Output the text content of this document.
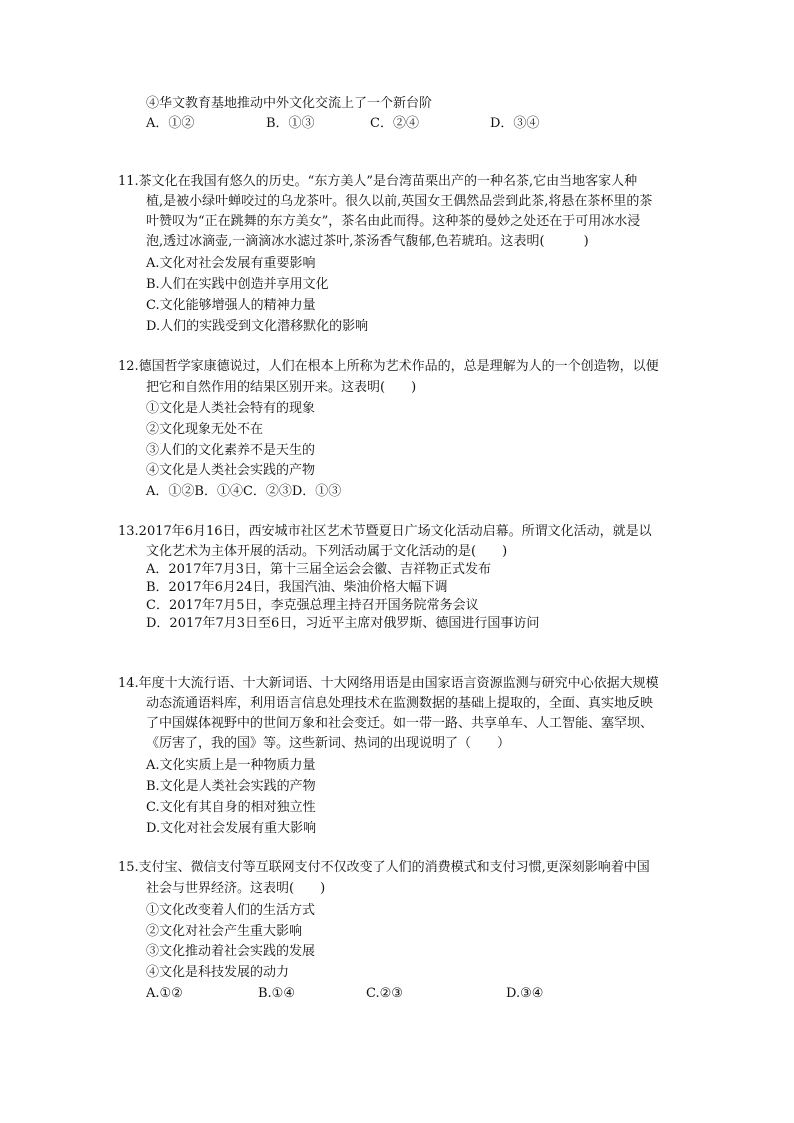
④华文教育基地推动中外文化交流上了一个新台阶
A．①②	B．①③	C．②④	D．③④
11.茶文化在我国有悠久的历史。“东方美人”是台湾苗栗出产的一种名茶,它由当地客家人种
植,是被小绿叶蝉咬过的乌龙茶叶。很久以前,英国女王偶然品尝到此茶,将悬在茶杯里的茶
叶赞叹为“正在跳舞的东方美女”，茶名由此而得。这种茶的曼妙之处还在于可用冰水浸
泡,透过冰滴壶,一滴滴冰水滤过茶叶,茶汤香气馥郁,色若琥珀。这表明(　　　)
A.文化对社会发展有重要影响
B.人们在实践中创造并享用文化
C.文化能够增强人的精神力量
D.人们的实践受到文化潜移默化的影响
12.德国哲学家康德说过，人们在根本上所称为艺术作品的，总是理解为人的一个创造物，以便
把它和自然作用的结果区别开来。这表明(　　)
①文化是人类社会特有的现象
②文化现象无处不在
③人们的文化素养不是天生的
④文化是人类社会实践的产物
A．①②B．①④C．②③D．①③
13.2017年6月16日，西安城市社区艺术节暨夏日广场文化活动启幕。所谓文化活动，就是以
文化艺术为主体开展的活动。下列活动属于文化活动的是(　　)
A．2017年7月3日，第十三届全运会会徽、吉祥物正式发布
B．2017年6月24日，我国汽油、柴油价格大幅下调
C．2017年7月5日，李克强总理主持召开国务院常务会议
D．2017年7月3日至6日，习近平主席对俄罗斯、德国进行国事访问
14.年度十大流行语、十大新词语、十大网络用语是由国家语言资源监测与研究中心依据大规模
动态流通语料库，利用语言信息处理技术在监测数据的基础上提取的，全面、真实地反映
了中国媒体视野中的世间万象和社会变迁。如一带一路、共享单车、人工智能、塞罕坝、
《厉害了，我的国》等。这些新词、热词的出现说明了（　　）
A.文化实质上是一种物质力量
B.文化是人类社会实践的产物
C.文化有其自身的相对独立性
D.文化对社会发展有重大影响
15.支付宝、微信支付等互联网支付不仅改变了人们的消费模式和支付习惯,更深刻影响着中国
社会与世界经济。这表明(　　)
①文化改变着人们的生活方式
②文化对社会产生重大影响
③文化推动着社会实践的发展
④文化是科技发展的动力
A.①②	B.①④	C.②③	D.③④
